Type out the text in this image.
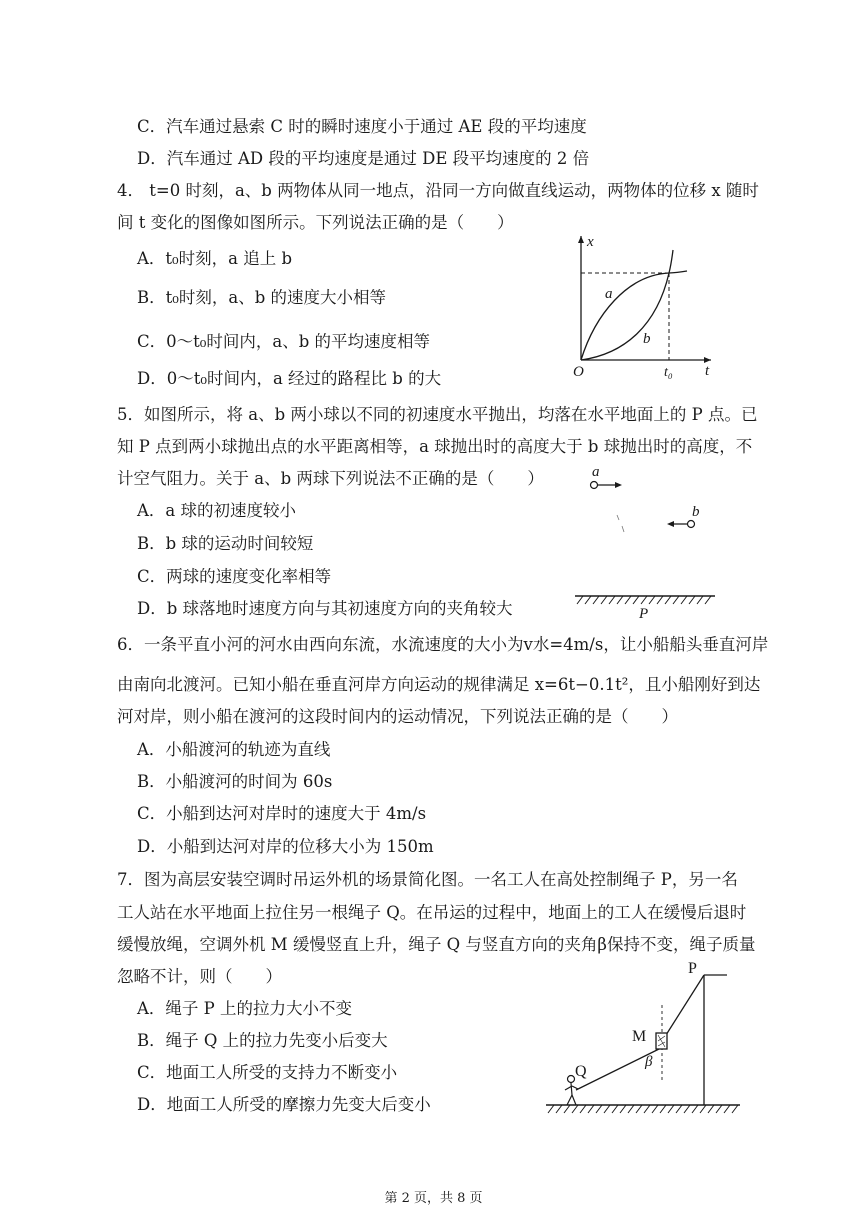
C．汽车通过悬索 C 时的瞬时速度小于通过 AE 段的平均速度
D．汽车通过 AD 段的平均速度是通过 DE 段平均速度的 2 倍
4． t=0 时刻，a、b 两物体从同一地点，沿同一方向做直线运动，两物体的位移 x 随时
间 t 变化的图像如图所示。下列说法正确的是（　　）
A．t₀时刻，a 追上 b
B．t₀时刻，a、b 的速度大小相等
C．0～t₀时间内，a、b 的平均速度相等
D．0～t₀时间内，a 经过的路程比 b 的大
x
t
O	t₀
a
b
5．如图所示，将 a、b 两小球以不同的初速度水平抛出，均落在水平地面上的 P 点。已
知 P 点到两小球抛出点的水平距离相等，a 球抛出时的高度大于 b 球抛出时的高度，不
计空气阻力。关于 a、b 两球下列说法不正确的是（　　）
A．a 球的初速度较小
B．b 球的运动时间较短
C．两球的速度变化率相等
D．b 球落地时速度方向与其初速度方向的夹角较大
a
b
P
6．一条平直小河的河水由西向东流，水流速度的大小为v水=4m/s，让小船船头垂直河岸
由南向北渡河。已知小船在垂直河岸方向运动的规律满足 x=6t−0.1t²，且小船刚好到达
河对岸，则小船在渡河的这段时间内的运动情况，下列说法正确的是（　　）
A．小船渡河的轨迹为直线
B．小船渡河的时间为 60s
C．小船到达河对岸时的速度大于 4m/s
D．小船到达河对岸的位移大小为 150m
7．图为高层安装空调时吊运外机的场景简化图。一名工人在高处控制绳子 P，另一名
工人站在水平地面上拉住另一根绳子 Q。在吊运的过程中，地面上的工人在缓慢后退时
缓慢放绳，空调外机 M 缓慢竖直上升，绳子 Q 与竖直方向的夹角β保持不变，绳子质量
忽略不计，则（　　）
A．绳子 P 上的拉力大小不变
B．绳子 Q 上的拉力先变小后变大
C．地面工人所受的支持力不断变小
D．地面工人所受的摩擦力先变大后变小
P
M
Q
β
第 2 页，共 8 页
